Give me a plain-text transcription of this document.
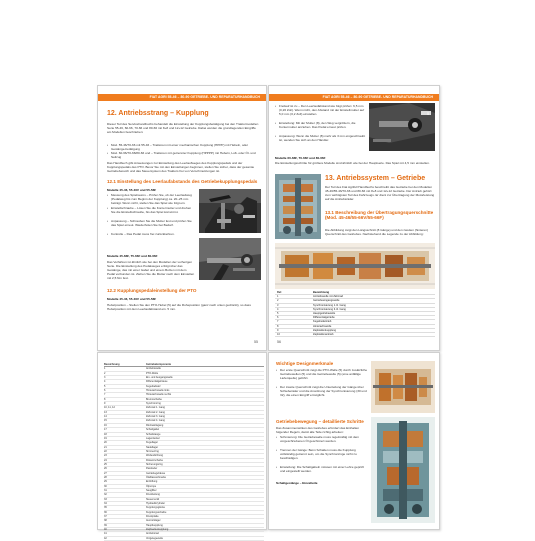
FIAT AGRI 55-46 – 80-90 GETRIEBE- UND REPARATURHANDBUCH
12. Antriebsstrang – Kupplung
Dieser Teil des Servicehandbuchs behandelt die Einstellung der Kupplungsbetätigung bei den Traktormodellen Serie 55-46, 60-66, 70-66 und 80-66 mit 8+8 und 12+12 Getriebe. Dabei werden die grundlegenden Eingriffe am Modellen beschrieben:
• Mod. 55-46/70-66 mit 55-46 – Traktoren mit einer mechanischen Kupplung (HPPP) mit Hebeln, oder Gestänge-betätigung
• Mod. 60-66/70-66/80-66 und – Traktoren mit getrennter Kupplung (HPPPP) mit Hebeln, Luft- oder Öl- und Seilzug
Das Handbuch gibt Anweisungen zur Einstellung des Leerlaufweges des Kupplungspedals und der Kupplungspedals des PTO. Bevor Sie mit den Einstellungen beginnen, stellen Sie sicher, dass der gesamte Getriebebereich und das Steuersystem des Traktors frei von Verschmutzungen ist.
12.1 Einstellung des Leerlaufabstands des Getriebekupplungspedals
Modelle 45-46, 55-46V und 55-56F
• Messung des Spielraums – Prüfen Sie, ob der Leerlaufweg (Pedalweg bis zum Beginn der Kupplung) ca. 20–25 mm beträgt. Wenn nicht, stellen Sie das Spiel wie folgt ein.
• Einstellschraube – Lösen Sie die Kontermutter und drehen Sie die Einstellschraube, bis das Spiel korrekt ist.
• Anpassung – Schrauben Sie die Mutter fest und prüfen Sie das Spiel erneut. Wiederholen Sie bei Bedarf.
• Kontrolle – Das Pedal muss frei zurückkehren.
Modelle 45-66F, 75-66F und 80-66F
Das Verfahren ist ähnlich wie bei den Modellen der vorherigen Serie. Die Einstellung des Pedalweges erfolgt über das Gestänge, das mit einer Gabel und einem Bolzen mit dem Pedal verbunden ist. Ziehen Sie die Mutter nach dem Einstellen mit 2,5 Nm fest.
12.2 Kupplungspedaleinstellung der PTO
Modelle 45-46, 55-46V und 55-56F
Hebelposition – Stellen Sie den PTO-Hebel (5) auf die Ruheposition (ganz nach unten gedrückt), so dass Hebelposition mit dem Leerlaufabstand ein. 5 mm.
55
FIAT AGRI 55-46 – 80-90 GETRIEBE- UND REPARATURHANDBUCH
• Freilauf ist zu – Den Leerlaufabstand wie folgt prüfen: 6,5 mm (0,26 Zoll). Wenn nicht, den Abstand mit der Einstellmutter auf 5,0 mm (0,2 Zoll) einstellen.
• Einstellung: Mit der Mutter (8), den Weg vergrößern, die Kontermutter anziehen. Das Pedal erneut prüfen.
• Anpassung: Wenn die Mutter (8) mehr als 3 mm eingeschraubt ist, wenden Sie sich an den Händler.
5
Modelle 60-66F, 70-66F und 80-66F
Die Einstellungsschritte für größere Modelle sind ähnlich wie bei der Hauptserie. Das Spiel mit 4,5 mm einstellen.
13. Antriebssystem – Getriebe
Der Teil des Fiat Agrifull Handbuchs beschreibt das Getriebe bei den Modellen 45-46/55-46/70-66 und 80-66 mit 8+8 und 12+12 Getriebe. Der Antrieb gehört zum wichtigsten Teil des Fahrzeugs. Er dient zur Übertragung der Motorleistung auf die Antriebsräder.
13.1 Beschreibung der Übertragungsquerschnitte (Mod. 45-46/55-66V/55-66F)
Die Abbildung zeigt den Längsschnitt (8 Gänge) und den zweiten (hinteren) Querschnitt des Getriebes. Nachstehend die Legende zu der Abbildung:
Ref.	Bezeichnung
1	Antriebswelle mit Zahnrad
2	Getriebeeingangswelle
3	Synchronisierung 1./2. Gang
4	Synchronisierung 3./4. Gang
5	Hauptgetriebewelle
6	Differentialgetriebe
7	Kegelradantrieb
8	Hinterachswelle
9	Zapfwellenkupplung
10	Zapfwellenantrieb
56
Bezeichnung	Getriebekomponente
1	Antriebswelle
2	PTO-Welle
3	Ein- und Ausgangswelle
4	Differentialgehäuse
5	Kegelradsatz
6	Hinterachswelle links
7	Hinterachswelle rechts
8	Bremsscheibe
9	Synchronring
10, 11, 12	Zahnrad 1. Gang
13	Zahnrad 2. Gang
14	Zahnrad 3. Gang
15	Zahnrad 4. Gang
16	Rückwärtsgang
17	Schaltgabel
18	Schaltstange
19	Lagerdeckel
20	Kugellager
21	Nadellager
22	Simmerring
23	Wellendichtung
24	Distanzscheibe
25	Sicherungsring
26	Passfeder
27	Getriebegehäuse
28	Ölablassschraube
29	Entlüftung
30	Ölpumpe
31	Saugfilter
32	Druckleitung
33	Steuerventil
34	Hydraulikzylinder
35	Kupplungsglocke
36	Kupplungsscheibe
37	Druckplatte
38	Ausrücklager
39	Hauptkupplung
40	Zapfwellenkupplung
41	Antriebsrad
42	Vorgelegewelle
Wichtige Designmerkmale
• Der erste Querschnitt zeigt die PTO-Welle (5) durch zusätzliche Getriebewellen (5) und die Getriebewelle (5) (eine anfällige Lieferquelle) geführt.
• Der zweite Querschnitt zeigt die Unterteilung der Gänge über Schieberäder und die Anordnung der Synchronisierung (30 und 32), die einen Eingriff ermöglicht.
Getriebebewegung – detaillierte Schritte
Das Zusammenwirken des Getriebes erfordert das Einhalten folgender Regeln, damit alle Teile richtig arbeiten:
• Schmierung: Die Getriebewelle muss regelmäßig mit dem vorgeschriebenen Öl geschmiert werden.
• Trennen der Gänge: Beim Schalten muss die Kupplung vollständig getrennt sein, um die Synchronringe nicht zu beschädigen.
• Einstellung: Die Schaltgabeln müssen mit einer Lehre geprüft und eingestellt werden.
Schaltgestänge – Einzelteile
